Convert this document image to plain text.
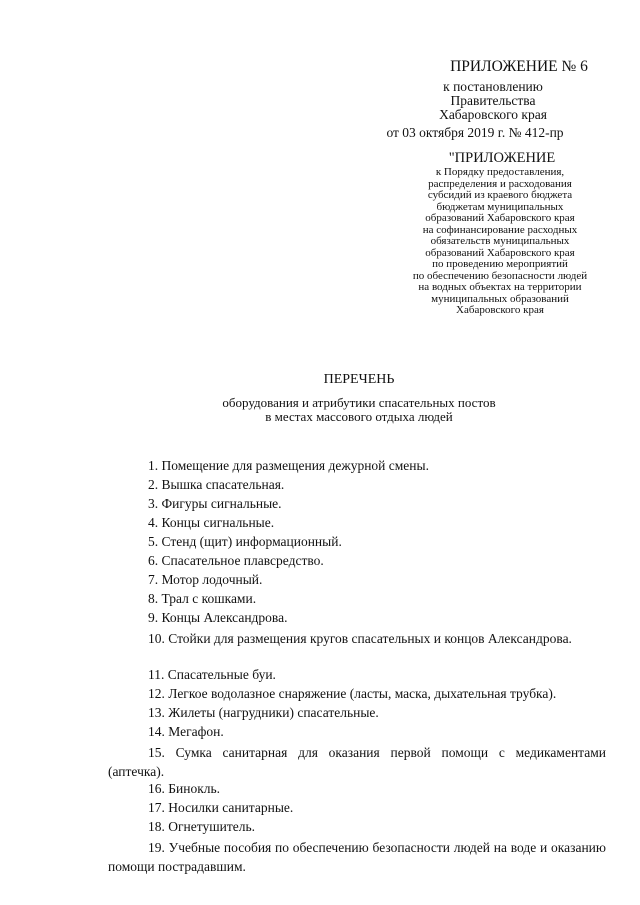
ПРИЛОЖЕНИЕ № 6
к постановлению
Правительства
Хабаровского края
от 03 октября 2019 г. № 412-пр
"ПРИЛОЖЕНИЕ
к Порядку предоставления,
распределения и расходования
субсидий из краевого бюджета
бюджетам муниципальных
образований Хабаровского края
на софинансирование расходных
обязательств муниципальных
образований Хабаровского края
по проведению мероприятий
по обеспечению безопасности людей
на водных объектах на территории
муниципальных образований
Хабаровского края
ПЕРЕЧЕНЬ
оборудования и атрибутики спасательных постов
в местах массового отдыха людей
1. Помещение для размещения дежурной смены.
2. Вышка спасательная.
3. Фигуры сигнальные.
4. Концы сигнальные.
5. Стенд (щит) информационный.
6. Спасательное плавсредство.
7. Мотор лодочный.
8. Трал с кошками.
9. Концы Александрова.
10. Стойки для размещения кругов спасательных и концов Александрова.
11. Спасательные буи.
12. Легкое водолазное снаряжение (ласты, маска, дыхательная трубка).
13. Жилеты (нагрудники) спасательные.
14. Мегафон.
15. Сумка санитарная для оказания первой помощи с медикаментами (аптечка).
16. Бинокль.
17. Носилки санитарные.
18. Огнетушитель.
19. Учебные пособия по обеспечению безопасности людей на воде и оказанию помощи пострадавшим.
